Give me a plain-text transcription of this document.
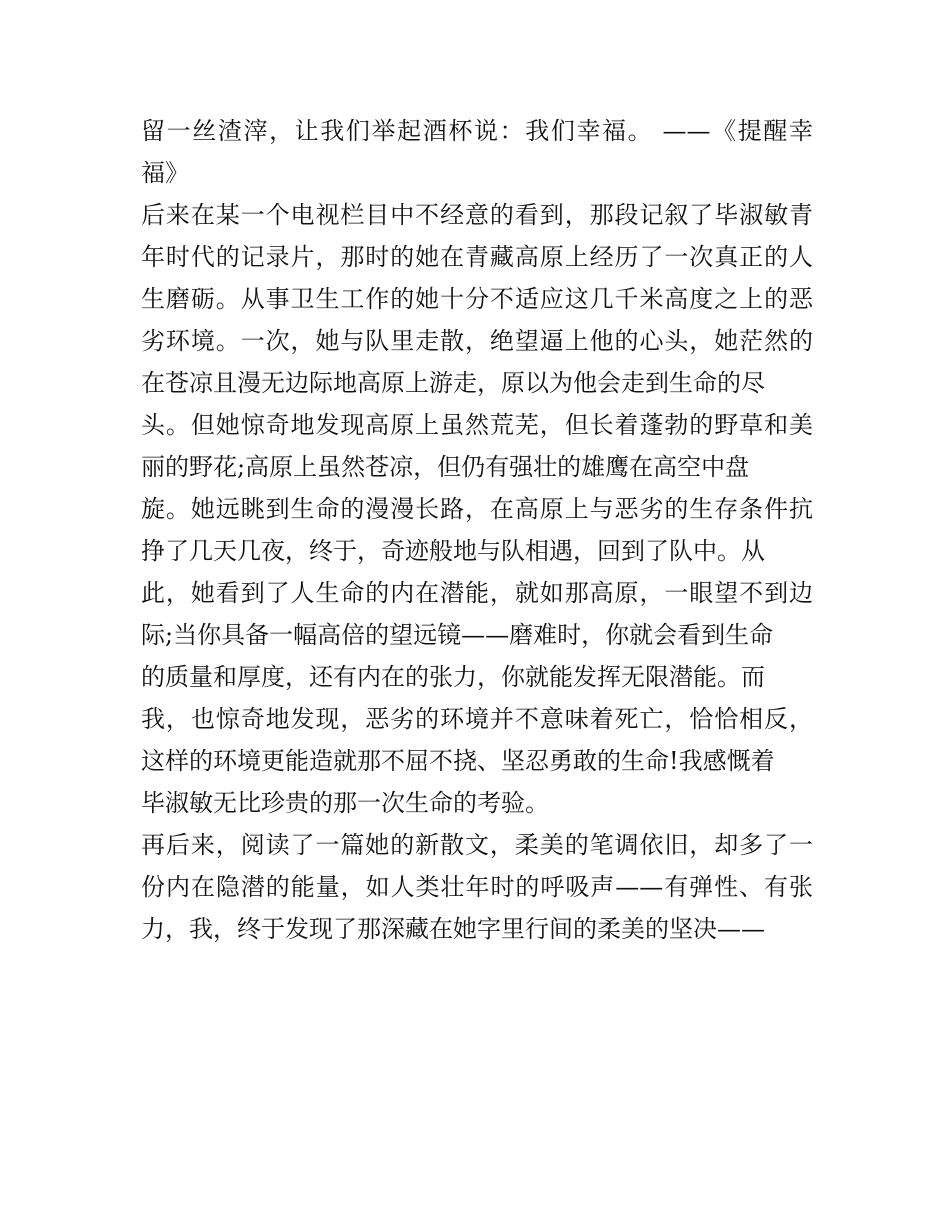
留一丝渣滓，让我们举起酒杯说：我们幸福。 ——《提醒幸
福》
后来在某一个电视栏目中不经意的看到，那段记叙了毕淑敏青
年时代的记录片，那时的她在青藏高原上经历了一次真正的人
生磨砺。从事卫生工作的她十分不适应这几千米高度之上的恶
劣环境。一次，她与队里走散，绝望逼上他的心头，她茫然的
在苍凉且漫无边际地高原上游走，原以为他会走到生命的尽
头。但她惊奇地发现高原上虽然荒芜，但长着蓬勃的野草和美
丽的野花;高原上虽然苍凉，但仍有强壮的雄鹰在高空中盘
旋。她远眺到生命的漫漫长路，在高原上与恶劣的生存条件抗
挣了几天几夜，终于，奇迹般地与队相遇，回到了队中。从
此，她看到了人生命的内在潜能，就如那高原，一眼望不到边
际;当你具备一幅高倍的望远镜——磨难时，你就会看到生命
的质量和厚度，还有内在的张力，你就能发挥无限潜能。而
我，也惊奇地发现，恶劣的环境并不意味着死亡，恰恰相反，
这样的环境更能造就那不屈不挠、坚忍勇敢的生命!我感慨着
毕淑敏无比珍贵的那一次生命的考验。
再后来，阅读了一篇她的新散文，柔美的笔调依旧，却多了一
份内在隐潜的能量，如人类壮年时的呼吸声——有弹性、有张
力，我，终于发现了那深藏在她字里行间的柔美的坚决——
